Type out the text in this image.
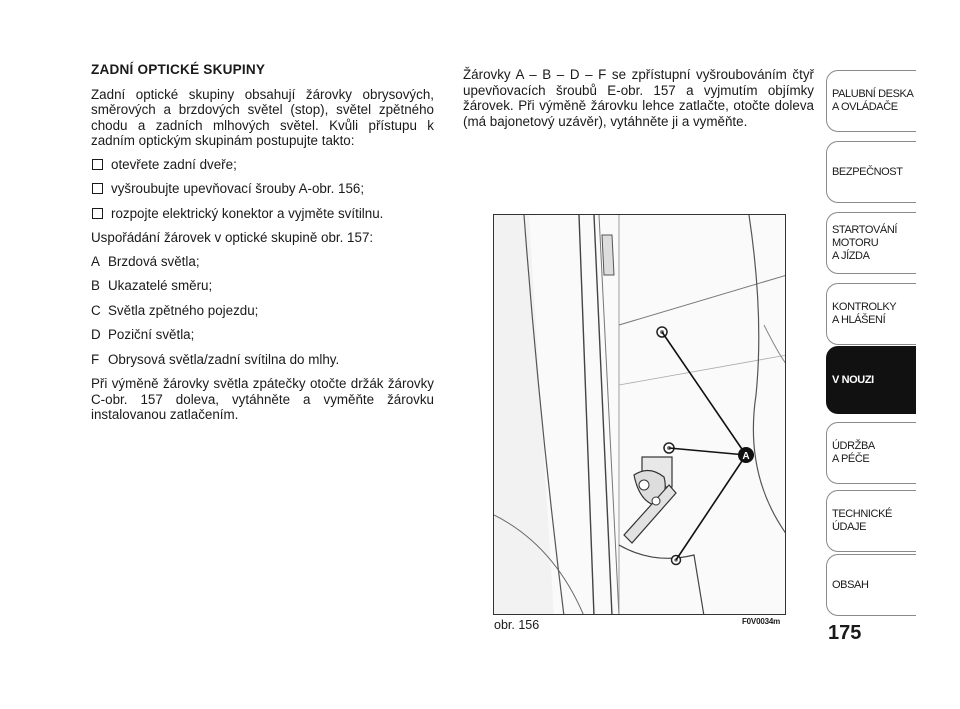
ZADNÍ OPTICKÉ SKUPINY

Zadní optické skupiny obsahují žárovky obrysových, směrových a brzdových světel (stop), světel zpětného chodu a zadních mlhových světel. Kvůli přístupu k zadním optickým skupinám postupujte takto:

otevřete zadní dveře;
vyšroubujte upevňovací šrouby A-obr. 156;
rozpojte elektrický konektor a vyjměte svítilnu.

Uspořádání žárovek v optické skupině obr. 157:

A Brzdová světla;
B Ukazatelé směru;
C Světla zpětného pojezdu;
D Poziční světla;
F Obrysová světla/zadní svítilna do mlhy.

Při výměně žárovky světla zpátečky otočte držák žárovky C-obr. 157 doleva, vytáhněte a vyměňte žárovku instalovanou zatlačením.

Žárovky A – B – D – F se zpřístupní vyšroubováním čtyř upevňovacích šroubů E-obr. 157 a vyjmutím objímky žárovek. Při výměně žárovku lehce zatlačte, otočte doleva (má bajonetový uzávěr), vytáhněte ji a vyměňte.

A
obr. 156	F0V0034m
PALUBNÍ DESKA
A OVLÁDAČE
BEZPEČNOST
STARTOVÁNÍ
MOTORU
A JÍZDA
KONTROLKY
A HLÁŠENÍ
V NOUZI
ÚDRŽBA
A PÉČE
TECHNICKÉ
ÚDAJE
OBSAH
175
